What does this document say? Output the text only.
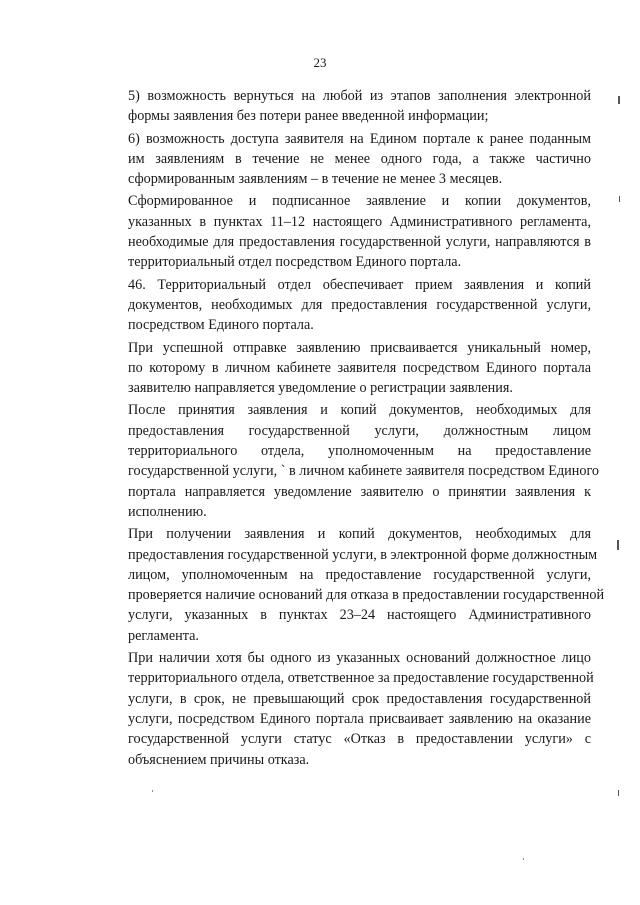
23

5) возможность вернуться на любой из этапов заполнения электронной
формы заявления без потери ранее введенной информации;

6) возможность доступа заявителя на Едином портале к ранее поданным
им заявлениям в течение не менее одного года, а также частично
сформированным заявлениям – в течение не менее 3 месяцев.

Сформированное и подписанное заявление и копии документов,
указанных в пунктах 11–12 настоящего Административного регламента,
необходимые для предоставления государственной услуги, направляются в
территориальный отдел посредством Единого портала.

46. Территориальный отдел обеспечивает прием заявления и копий
документов, необходимых для предоставления государственной услуги,
посредством Единого портала.

При успешной отправке заявлению присваивается уникальный номер,
по которому в личном кабинете заявителя посредством Единого портала
заявителю направляется уведомление о регистрации заявления.

После принятия заявления и копий документов, необходимых для
предоставления государственной услуги, должностным лицом
территориального отдела, уполномоченным на предоставление
государственной услуги, ` в личном кабинете заявителя посредством Единого
портала направляется уведомление заявителю о принятии заявления к
исполнению.

При получении заявления и копий документов, необходимых для
предоставления государственной услуги, в электронной форме должностным
лицом, уполномоченным на предоставление государственной услуги,
проверяется наличие оснований для отказа в предоставлении государственной
услуги, указанных в пунктах 23–24 настоящего Административного
регламента.

При наличии хотя бы одного из указанных оснований должностное лицо
территориального отдела, ответственное за предоставление государственной
услуги, в срок, не превышающий срок предоставления государственной
услуги, посредством Единого портала присваивает заявлению на оказание
государственной услуги статус «Отказ в предоставлении услуги» с
объяснением причины отказа.
